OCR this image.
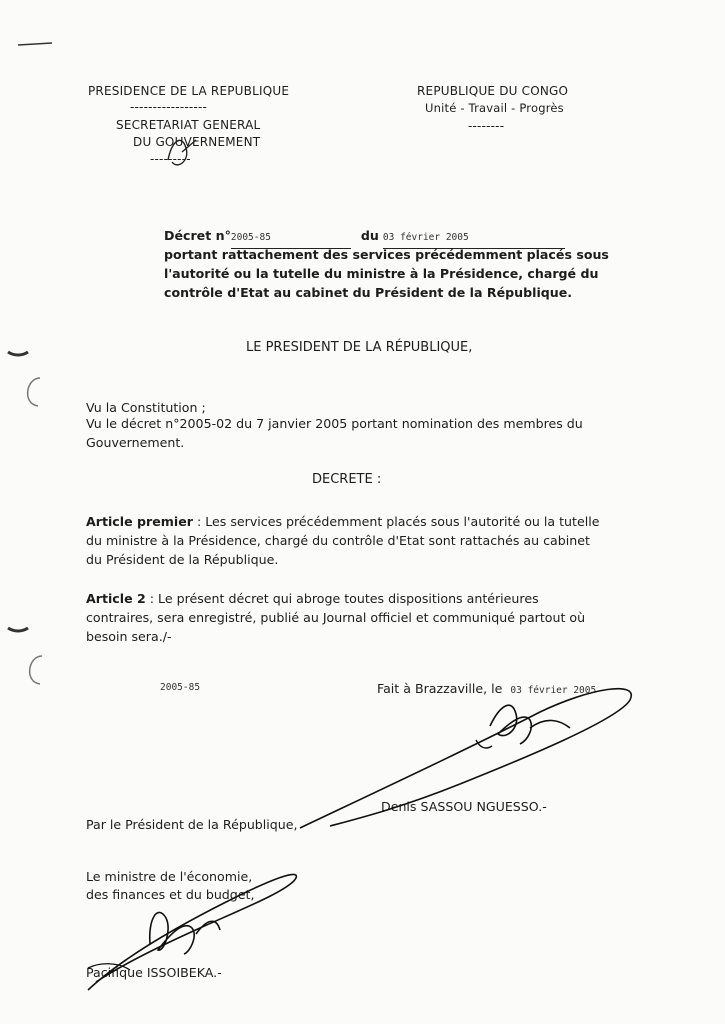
PRESIDENCE DE LA REPUBLIQUE
-----------------
SECRETARIAT GENERAL
DU GOUVERNEMENT
---------
REPUBLIQUE DU CONGO
Unité - Travail - Progrès
--------
Décret n°2005-85	du 03 février 2005
portant rattachement des services précédemment placés sous
l'autorité ou la tutelle du ministre à la Présidence, chargé du
contrôle d'Etat au cabinet du Président de la République.
LE PRESIDENT DE LA RÉPUBLIQUE,
Vu la Constitution ;
Vu le décret n°2005-02 du 7 janvier 2005 portant nomination des membres du
Gouvernement.
DECRETE :
Article premier : Les services précédemment placés sous l'autorité ou la tutelle
du ministre à la Présidence, chargé du contrôle d'Etat sont rattachés au cabinet
du Président de la République.
Article 2 : Le présent décret qui abroge toutes dispositions antérieures
contraires, sera enregistré, publié au Journal officiel et communiqué partout où
besoin sera./-
2005-85	Fait à Brazzaville, le 03 février 2005
Denis SASSOU NGUESSO.-
Par le Président de la République,
Le ministre de l'économie,
des finances et du budget,
Pacifique ISSOIBEKA.-
